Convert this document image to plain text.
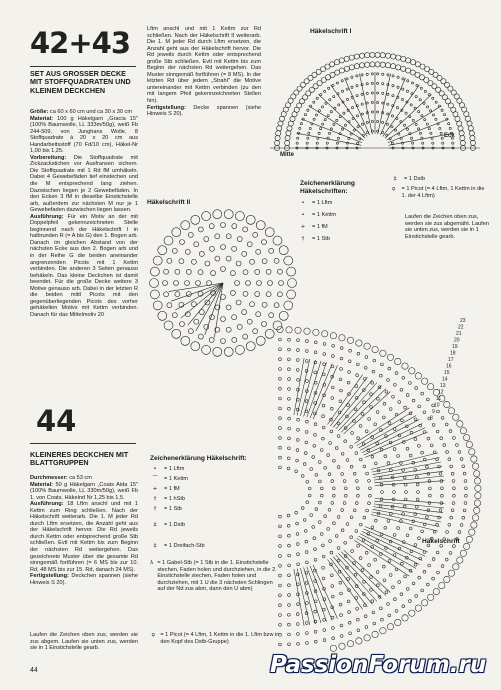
42+43
SET AUS GROSSER DECKE MIT STOFFQUADRATEN UND KLEINEM DECKCHEN
Größe: ca 60 x 60 cm und ca 30 x 30 cm
Material: 100 g Häkelgarn „Gracia 15" (100% Baumwolle, LL 333m/50g), weiß Fb 244-509, von Junghans Wolle, 8 Stoffquadrate à 20 x 20 cm aus Handarbeitsstoff (70 Fd/10 cm), Häkel-Nr 1,00 bis 1,25.
Vorbereitung: Die Stoffquadrate mit Zickzackstichen vor Ausfransen sichern. Die Stoffquadrate mit 1 Rd fM umhäkeln. Dabei 4 Gewebefäden tief einstechen und die M entsprechend lang ziehen. Dazwischen liegen je 2 Gewebefäden. In den Ecken 3 fM in dieselbe Einstichstelle arb, außerdem zur nächsten M nur je 1 Gewebefaden dazwischen liegen lassen.
Ausführung: Für ein Motiv an der mit Doppelpfeil gekennzeichneten Stelle beginnend nach der Häkelschrift I in halbrunden R (= A bis G) den 1. Bogen arb. Danach im gleichen Abstand von der nächsten Ecke aus den 2. Bogen arb und in der Reihe G die beiden aneinander angrenzenden Picots mit 1 Kettm verbinden. Die anderen 3 Seiten genauso behäkeln. Das kleine Deckchen ist damit beendet. Für die große Decke weitere 3 Motive genauso arb. Dabei in der letzten R die beiden mittl Picots mit den gegenüberliegenden Picots des vorher gehäkelten Motivs mit Kettm verbinden. Danach für das Mittelmotiv 20
Lftm anschl und mit 1 Kettm zur Rd schließen. Nach der Häkelschrift II weiterarb. Die 1. M jeder Rd durch Lftm ersetzen, die Anzahl geht aus der Häkelschrift hervor. Die Rd jeweils durch Kettm oder entsprechend große Stb schließen. Evtl mit Kettm bis zum Beginn der nächsten Rd weitergehen. Das Muster sinngemäß fortführen (= 8 MS). In der letzten Rd über jedem „Strahl" die Motive untereinander mit Kettm verbinden (zu den mit langem Pfeil gekennzeichneten Stellen hin).
Fertigstellung: Decke spannen (siehe Hinweis S 20).
Häkelschrift I
Mitte
Eck
Zeichenerklärung Häkelschriften:
•	= 1 Lftm
•	= 1 Kettm
+	= 1 fM
†	= 1 Stb
‡	= 1 Dstb
ϙ	= 1 Picot (= 4 Lftm, 1 Kettm in die 1. der 4 Lftm)
Laufen die Zeichen oben zus, werden sie zus abgemäht. Laufen sie unten zus, werden sie in 1 Einstichstelle gearb.
Häkelschrift II
44
KLEINERES DECKCHEN MIT BLATTGRUPPEN
Durchmesser: ca 53 cm
Material: 50 g Häkelgarn „Coats Aida 15" (100% Baumwolle, LL 330m/50g), weiß Fb 1, von Coats, Häkelnd Nr 1,25 bis 1,5.
Ausführung: 18 Lftm anschl und mit 1 Kettm zum Ring schließen. Nach der Häkelschrift weiterarb. Die 1. M jeder Rd durch Lftm ersetzen, die Anzahl geht aus der Häkelschrift hervor. Die Rd jeweils durch Kettm oder entsprechend große Stb schließen. Evtl mit Kettm bis zum Beginn der nächsten Rd weitergehen. Das gezeichnete Muster über die gesamte Rd sinngemäß fortführen (= 6 MS bis zur 10. Rd, 48 MS bis zur 15. Rd, danach 24 MS).
Fertigstellung: Deckchen spannen (siehe Hinweis S 20).
Laufen die Zeichen oben zus, werden sie zus abgem. Laufen sie unten zus, werden sie in 1 Einstichstelle gearb.
Zeichenerklärung Häkelschrift:
•	= 1 Lftm
⌒	= 1 Kettm
+	= 1 fM
†	= 1 hStb
†	= 1 Stb
‡	= 1 Dstb
‡	= 1 Dreifach-Stb
λ = 1 Gabel-Stb (= 1 Stb in die 1. Einstichstelle stechen, Faden holen und durchziehen, in die 2. Einstichstelle stechen, Faden holen und durchziehen, mit 1 U die 3 nächsten Schlingen auf der Nd zus abm, dann den U abm)
ϙ = 1 Picot (= 4 Lftm, 1 Kettm in die 1. Lftm bzw in den Kopf des Dstb-Gruppe)
23
22
21
20
19
18
17
16
15
14
13
12
11
10
9
8
Häkelschrift
44	PassionForum.ru
